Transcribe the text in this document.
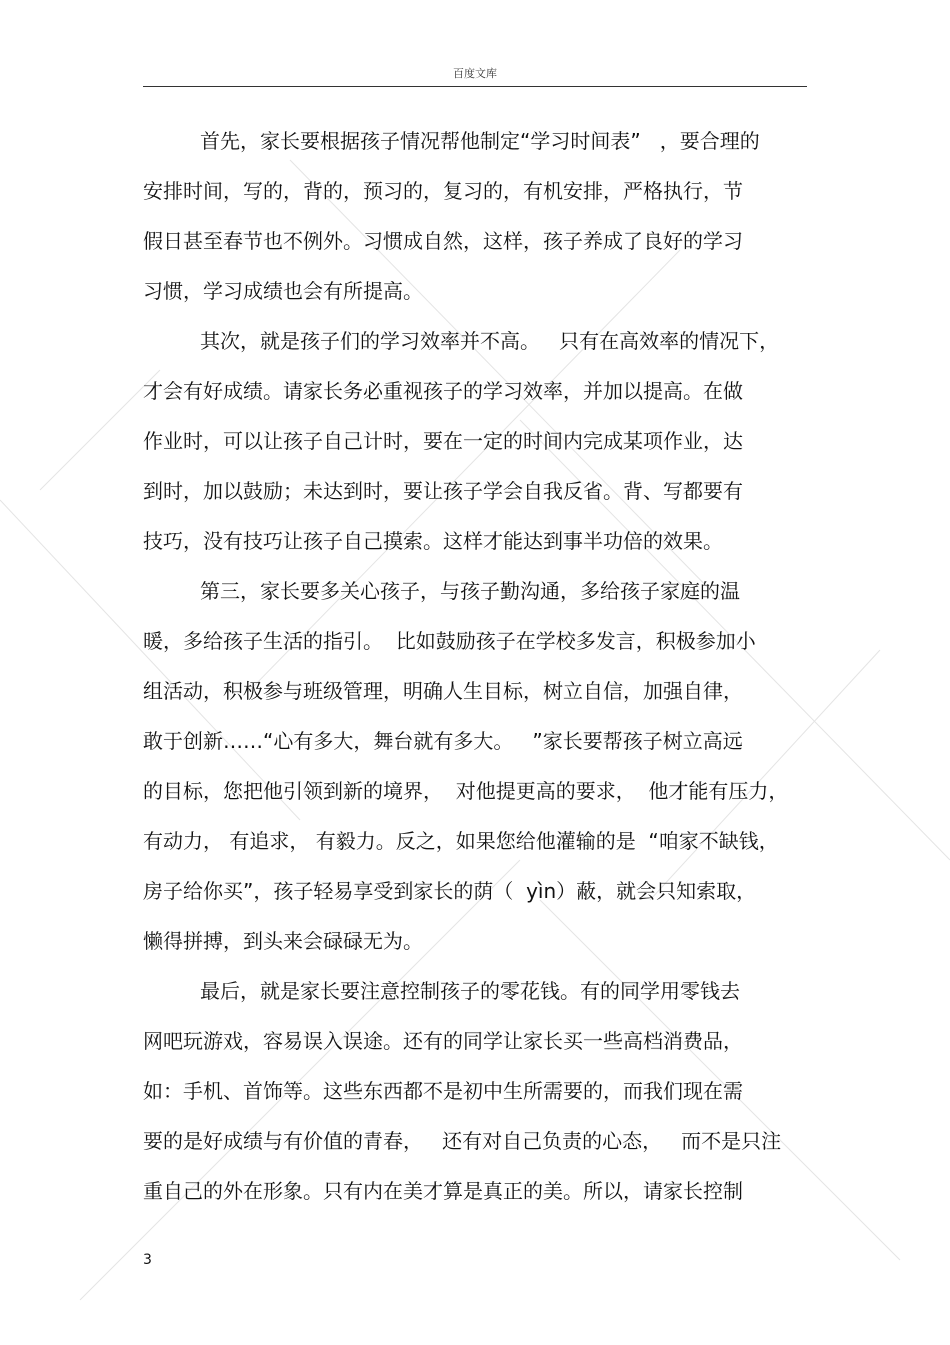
百度文库
首先，家长要根据孩子情况帮他制定“学习时间表”   ，要合理的
安排时间，写的，背的，预习的，复习的，有机安排，严格执行，节
假日甚至春节也不例外。习惯成自然，这样，孩子养成了良好的学习
习惯，学习成绩也会有所提高。
其次，就是孩子们的学习效率并不高。   只有在高效率的情况下，
才会有好成绩。请家长务必重视孩子的学习效率，并加以提高。在做
作业时，可以让孩子自己计时，要在一定的时间内完成某项作业，达
到时，加以鼓励；未达到时，要让孩子学会自我反省。背、写都要有
技巧，没有技巧让孩子自己摸索。这样才能达到事半功倍的效果。
第三，家长要多关心孩子，与孩子勤沟通，多给孩子家庭的温
暖，多给孩子生活的指引。  比如鼓励孩子在学校多发言，积极参加小
组活动，积极参与班级管理，明确人生目标，树立自信，加强自律，
敢于创新……“心有多大，舞台就有多大。   ”家长要帮孩子树立高远
的目标，您把他引领到新的境界，  对他提更高的要求，  他才能有压力，
有动力， 有追求， 有毅力。反之，如果您给他灌输的是  “咱家不缺钱，
房子给你买”，孩子轻易享受到家长的荫（  yìn）蔽，就会只知索取，
懒得拼搏，到头来会碌碌无为。
最后，就是家长要注意控制孩子的零花钱。有的同学用零钱去
网吧玩游戏，容易误入误途。还有的同学让家长买一些高档消费品，
如：手机、首饰等。这些东西都不是初中生所需要的，而我们现在需
要的是好成绩与有价值的青春，   还有对自己负责的心态，   而不是只注
重自己的外在形象。只有内在美才算是真正的美。所以，请家长控制
3
